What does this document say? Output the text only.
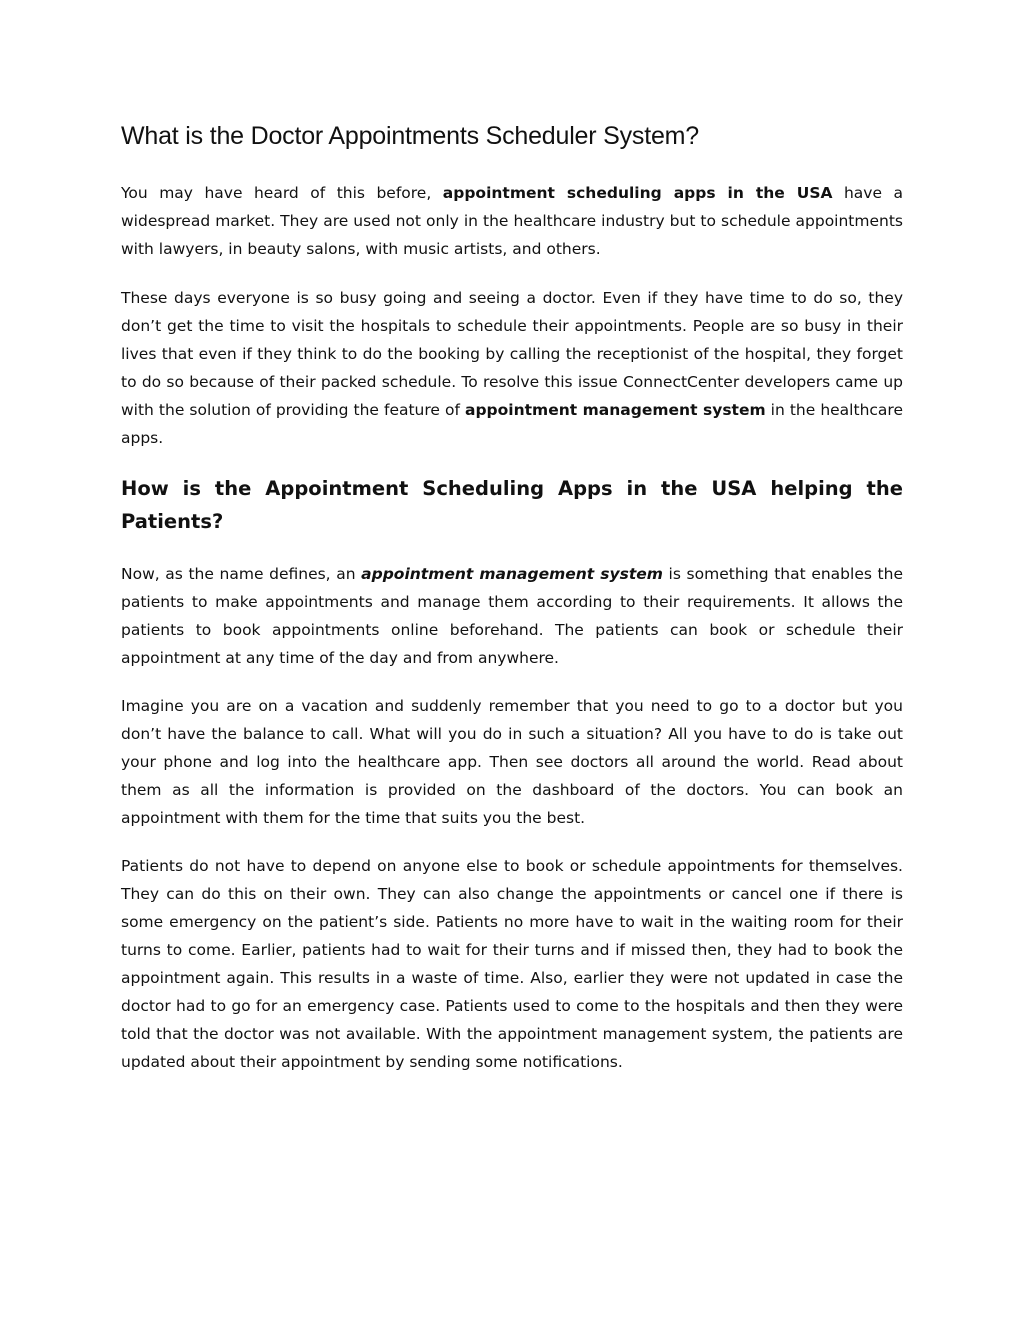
What is the Doctor Appointments Scheduler System?

You may have heard of this before, appointment scheduling apps in the USA have a widespread market. They are used not only in the healthcare industry but to schedule appointments with lawyers, in beauty salons, with music artists, and others.

These days everyone is so busy going and seeing a doctor. Even if they have time to do so, they don’t get the time to visit the hospitals to schedule their appointments. People are so busy in their lives that even if they think to do the booking by calling the receptionist of the hospital, they forget to do so because of their packed schedule. To resolve this issue ConnectCenter developers came up with the solution of providing the feature of appointment management system in the healthcare apps.

How is the Appointment Scheduling Apps in the USA helping the Patients?

Now, as the name defines, an appointment management system is something that enables the patients to make appointments and manage them according to their requirements. It allows the patients to book appointments online beforehand. The patients can book or schedule their appointment at any time of the day and from anywhere.

Imagine you are on a vacation and suddenly remember that you need to go to a doctor but you don’t have the balance to call. What will you do in such a situation? All you have to do is take out your phone and log into the healthcare app. Then see doctors all around the world. Read about them as all the information is provided on the dashboard of the doctors. You can book an appointment with them for the time that suits you the best.

Patients do not have to depend on anyone else to book or schedule appointments for themselves. They can do this on their own. They can also change the appointments or cancel one if there is some emergency on the patient’s side. Patients no more have to wait in the waiting room for their turns to come. Earlier, patients had to wait for their turns and if missed then, they had to book the appointment again. This results in a waste of time. Also, earlier they were not updated in case the doctor had to go for an emergency case. Patients used to come to the hospitals and then they were told that the doctor was not available. With the appointment management system, the patients are updated about their appointment by sending some notifications.
